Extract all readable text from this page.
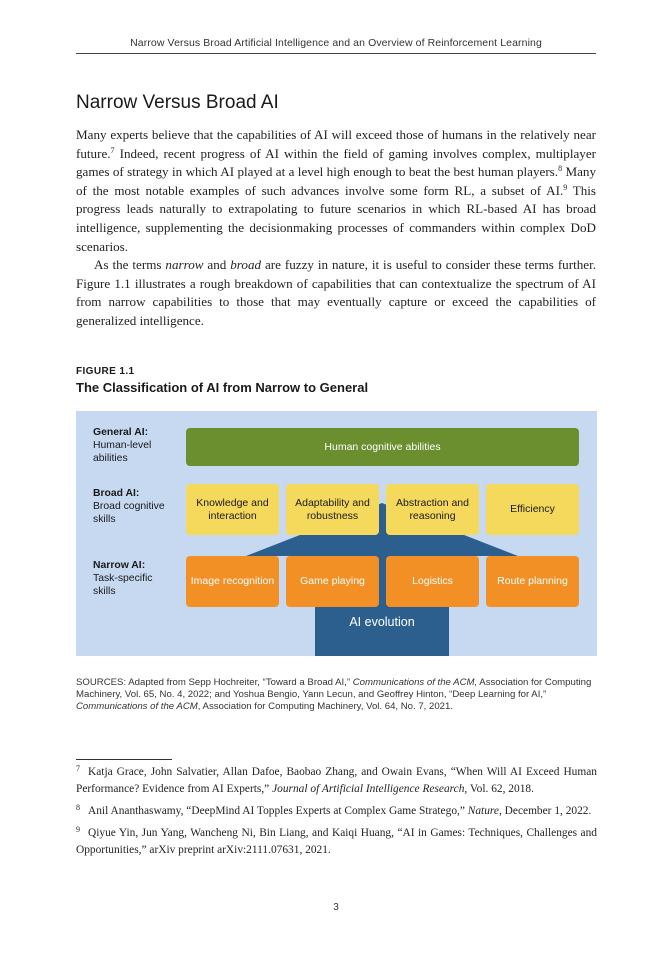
Narrow Versus Broad Artificial Intelligence and an Overview of Reinforcement Learning
Narrow Versus Broad AI

Many experts believe that the capabilities of AI will exceed those of humans in the relatively near future.$^7$ Indeed, recent progress of AI within the field of gaming involves complex, multiplayer games of strategy in which AI played at a level high enough to beat the best human players.$^8$ Many of the most notable examples of such advances involve some form RL, a subset of AI.$^9$ This progress leads naturally to extrapolating to future scenarios in which RL-based AI has broad intelligence, supplementing the decisionmaking processes of commanders within complex DoD scenarios.

As the terms narrow and broad are fuzzy in nature, it is useful to consider these terms further. Figure 1.1 illustrates a rough breakdown of capabilities that can contextualize the spectrum of AI from narrow capabilities to those that may eventually capture or exceed the capabilities of generalized intelligence.

FIGURE 1.1
The Classification of AI from Narrow to General
General AI:
Human-level abilities
Broad AI:
Broad cognitive skills
Narrow AI:
Task-specific skills
Human cognitive abilities
Knowledge and interaction
Adaptability and robustness
Abstraction and reasoning
Efficiency
Image recognition	Game playing	Logistics	Route planning
AI evolution
SOURCES: Adapted from Sepp Hochreiter, “Toward a Broad AI,” Communications of the ACM, Association for Computing Machinery, Vol. 65, No. 4, 2022; and Yoshua Bengio, Yann Lecun, and Geoffrey Hinton, “Deep Learning for AI,” Communications of the ACM, Association for Computing Machinery, Vol. 64, No. 7, 2021.

$^7$ Katja Grace, John Salvatier, Allan Dafoe, Baobao Zhang, and Owain Evans, “When Will AI Exceed Human Performance? Evidence from AI Experts,” Journal of Artificial Intelligence Research, Vol. 62, 2018.

$^8$ Anil Ananthaswamy, “DeepMind AI Topples Experts at Complex Game Stratego,” Nature, December 1, 2022.

$^9$ Qiyue Yin, Jun Yang, Wancheng Ni, Bin Liang, and Kaiqi Huang, “AI in Games: Techniques, Challenges and Opportunities,” arXiv preprint arXiv:2111.07631, 2021.

3
